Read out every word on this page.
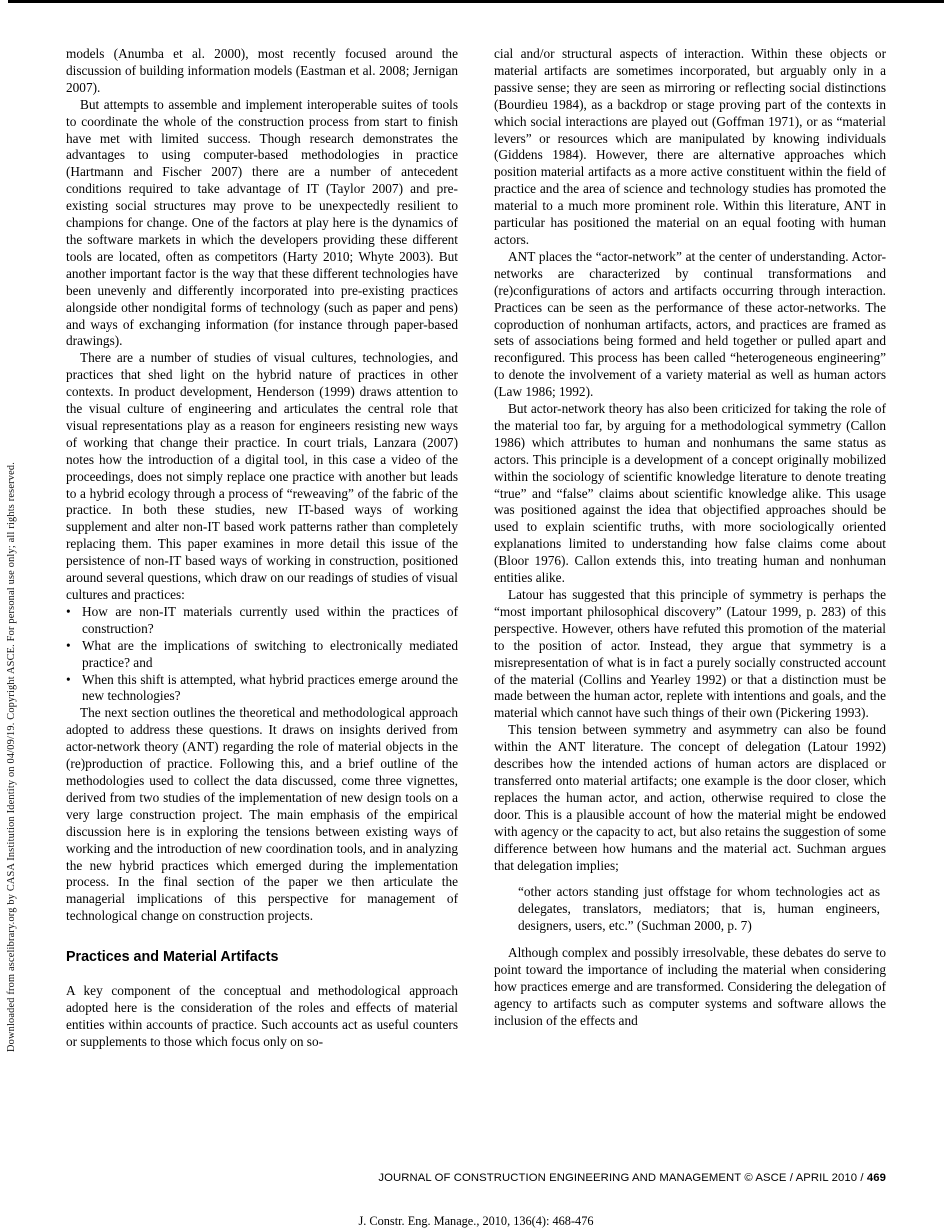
Downloaded from ascelibrary.org by CASA Institution Identity on 04/09/19. Copyright ASCE. For personal use only; all rights reserved.

models (Anumba et al. 2000), most recently focused around the discussion of building information models (Eastman et al. 2008; Jernigan 2007).

But attempts to assemble and implement interoperable suites of tools to coordinate the whole of the construction process from start to finish have met with limited success. Though research demonstrates the advantages to using computer-based methodologies in practice (Hartmann and Fischer 2007) there are a number of antecedent conditions required to take advantage of IT (Taylor 2007) and pre-existing social structures may prove to be unexpectedly resilient to champions for change. One of the factors at play here is the dynamics of the software markets in which the developers providing these different tools are located, often as competitors (Harty 2010; Whyte 2003). But another important factor is the way that these different technologies have been unevenly and differently incorporated into pre-existing practices alongside other nondigital forms of technology (such as paper and pens) and ways of exchanging information (for instance through paper-based drawings).

There are a number of studies of visual cultures, technologies, and practices that shed light on the hybrid nature of practices in other contexts. In product development, Henderson (1999) draws attention to the visual culture of engineering and articulates the central role that visual representations play as a reason for engineers resisting new ways of working that change their practice. In court trials, Lanzara (2007) notes how the introduction of a digital tool, in this case a video of the proceedings, does not simply replace one practice with another but leads to a hybrid ecology through a process of “reweaving” of the fabric of the practice. In both these studies, new IT-based ways of working supplement and alter non-IT based work patterns rather than completely replacing them. This paper examines in more detail this issue of the persistence of non-IT based ways of working in construction, positioned around several questions, which draw on our readings of studies of visual cultures and practices:

• How are non-IT materials currently used within the practices of construction?
• What are the implications of switching to electronically mediated practice? and
• When this shift is attempted, what hybrid practices emerge around the new technologies?

The next section outlines the theoretical and methodological approach adopted to address these questions. It draws on insights derived from actor-network theory (ANT) regarding the role of material objects in the (re)production of practice. Following this, and a brief outline of the methodologies used to collect the data discussed, come three vignettes, derived from two studies of the implementation of new design tools on a very large construction project. The main emphasis of the empirical discussion here is in exploring the tensions between existing ways of working and the introduction of new coordination tools, and in analyzing the new hybrid practices which emerged during the implementation process. In the final section of the paper we then articulate the managerial implications of this perspective for management of technological change on construction projects.

Practices and Material Artifacts

A key component of the conceptual and methodological approach adopted here is the consideration of the roles and effects of material entities within accounts of practice. Such accounts act as useful counters or supplements to those which focus only on so-

cial and/or structural aspects of interaction. Within these objects or material artifacts are sometimes incorporated, but arguably only in a passive sense; they are seen as mirroring or reflecting social distinctions (Bourdieu 1984), as a backdrop or stage proving part of the contexts in which social interactions are played out (Goffman 1971), or as “material levers” or resources which are manipulated by knowing individuals (Giddens 1984). However, there are alternative approaches which position material artifacts as a more active constituent within the field of practice and the area of science and technology studies has promoted the material to a much more prominent role. Within this literature, ANT in particular has positioned the material on an equal footing with human actors.

ANT places the “actor-network” at the center of understanding. Actor-networks are characterized by continual transformations and (re)configurations of actors and artifacts occurring through interaction. Practices can be seen as the performance of these actor-networks. The coproduction of nonhuman artifacts, actors, and practices are framed as sets of associations being formed and held together or pulled apart and reconfigured. This process has been called “heterogeneous engineering” to denote the involvement of a variety material as well as human actors (Law 1986; 1992).

But actor-network theory has also been criticized for taking the role of the material too far, by arguing for a methodological symmetry (Callon 1986) which attributes to human and nonhumans the same status as actors. This principle is a development of a concept originally mobilized within the sociology of scientific knowledge literature to denote treating “true” and “false” claims about scientific knowledge alike. This usage was positioned against the idea that objectified approaches should be used to explain scientific truths, with more sociologically oriented explanations limited to understanding how false claims come about (Bloor 1976). Callon extends this, into treating human and nonhuman entities alike.

Latour has suggested that this principle of symmetry is perhaps the “most important philosophical discovery” (Latour 1999, p. 283) of this perspective. However, others have refuted this promotion of the material to the position of actor. Instead, they argue that symmetry is a misrepresentation of what is in fact a purely socially constructed account of the material (Collins and Yearley 1992) or that a distinction must be made between the human actor, replete with intentions and goals, and the material which cannot have such things of their own (Pickering 1993).

This tension between symmetry and asymmetry can also be found within the ANT literature. The concept of delegation (Latour 1992) describes how the intended actions of human actors are displaced or transferred onto material artifacts; one example is the door closer, which replaces the human actor, and action, otherwise required to close the door. This is a plausible account of how the material might be endowed with agency or the capacity to act, but also retains the suggestion of some difference between how humans and the material act. Suchman argues that delegation implies;

“other actors standing just offstage for whom technologies act as delegates, translators, mediators; that is, human engineers, designers, users, etc.” (Suchman 2000, p. 7)

Although complex and possibly irresolvable, these debates do serve to point toward the importance of including the material when considering how practices emerge and are transformed. Considering the delegation of agency to artifacts such as computer systems and software allows the inclusion of the effects and

JOURNAL OF CONSTRUCTION ENGINEERING AND MANAGEMENT © ASCE / APRIL 2010 / 469
J. Constr. Eng. Manage., 2010, 136(4): 468-476
